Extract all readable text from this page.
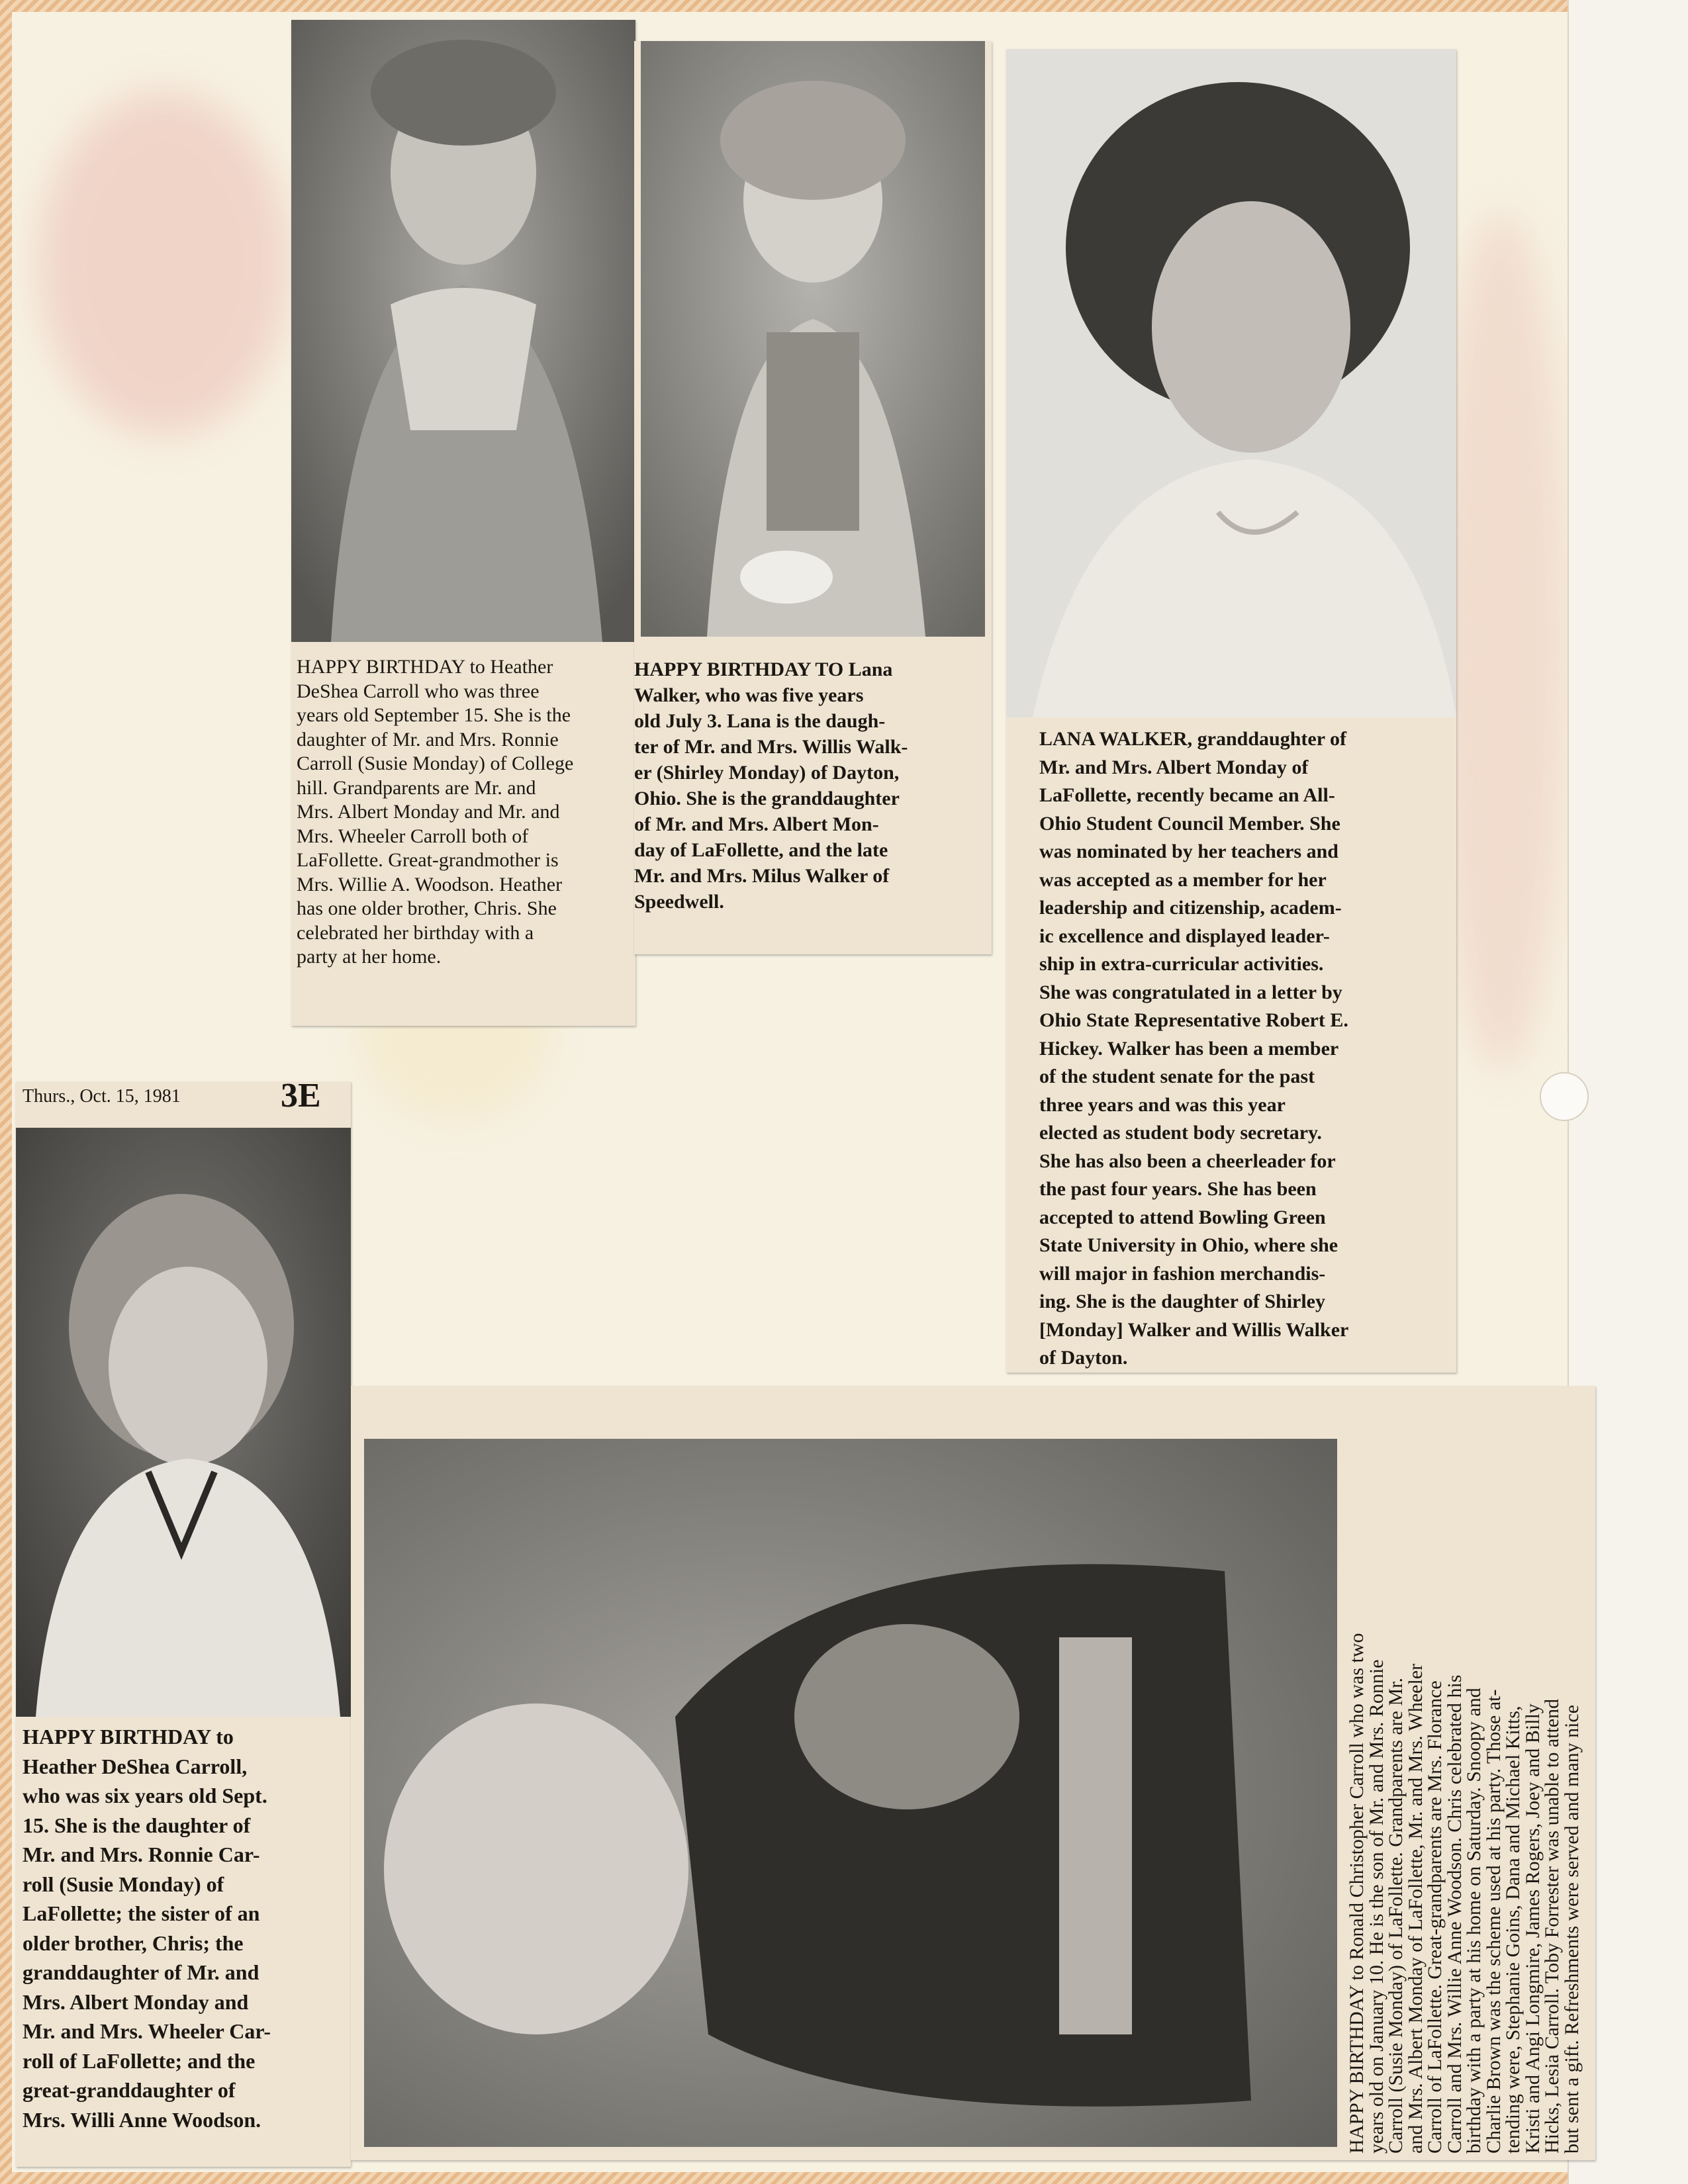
HAPPY BIRTHDAY to Heather
DeShea Carroll who was three
years old September 15. She is the
daughter of Mr. and Mrs. Ronnie
Carroll (Susie Monday) of College
hill. Grandparents are Mr. and
Mrs. Albert Monday and Mr. and
Mrs. Wheeler Carroll both of
LaFollette. Great-grandmother is
Mrs. Willie A. Woodson. Heather
has one older brother, Chris. She
celebrated her birthday with a
party at her home.
HAPPY BIRTHDAY TO Lana
Walker, who was five years
old July 3. Lana is the daugh-
ter of Mr. and Mrs. Willis Walk-
er (Shirley Monday) of Dayton,
Ohio. She is the granddaughter
of Mr. and Mrs. Albert Mon-
day of LaFollette, and the late
Mr. and Mrs. Milus Walker of
Speedwell.
LANA WALKER, granddaughter of
Mr. and Mrs. Albert Monday of
LaFollette, recently became an All-
Ohio Student Council Member. She
was nominated by her teachers and
was accepted as a member for her
leadership and citizenship, academ-
ic excellence and displayed leader-
ship in extra-curricular activities.
She was congratulated in a letter by
Ohio State Representative Robert E.
Hickey. Walker has been a member
of the student senate for the past
three years and was this year
elected as student body secretary.
She has also been a cheerleader for
the past four years. She has been
accepted to attend Bowling Green
State University in Ohio, where she
will major in fashion merchandis-
ing. She is the daughter of Shirley
[Monday] Walker and Willis Walker
of Dayton.
Thurs., Oct. 15, 1981	3E
HAPPY BIRTHDAY to
Heather DeShea Carroll,
who was six years old Sept.
15. She is the daughter of
Mr. and Mrs. Ronnie Car-
roll (Susie Monday) of
LaFollette; the sister of an
older brother, Chris; the
granddaughter of Mr. and
Mrs. Albert Monday and
Mr. and Mrs. Wheeler Car-
roll of LaFollette; and the
great-granddaughter of
Mrs. Willi Anne Woodson.	HAPPY BIRTHDAY to Ronald Christopher Carroll who was two
years old on January 10. He is the son of Mr. and Mrs. Ronnie
Carroll (Susie Monday) of LaFollette. Grandparents are Mr.
and Mrs. Albert Monday of LaFollette, Mr. and Mrs. Wheeler
Carroll of LaFollette. Great-grandparents are Mrs. Florance
Carroll and Mrs. Willie Anne Woodson. Chris celebrated his
birthday with a party at his home on Saturday. Snoopy and
Charlie Brown was the scheme used at his party. Those at-
tending were, Stephanie Goins, Dana and Michael Kitts,
Kristi and Angi Longmire, James Rogers, Joey and Billy
Hicks, Lesia Carroll. Toby Forrester was unable to attend
but sent a gift. Refreshments were served and many nice
